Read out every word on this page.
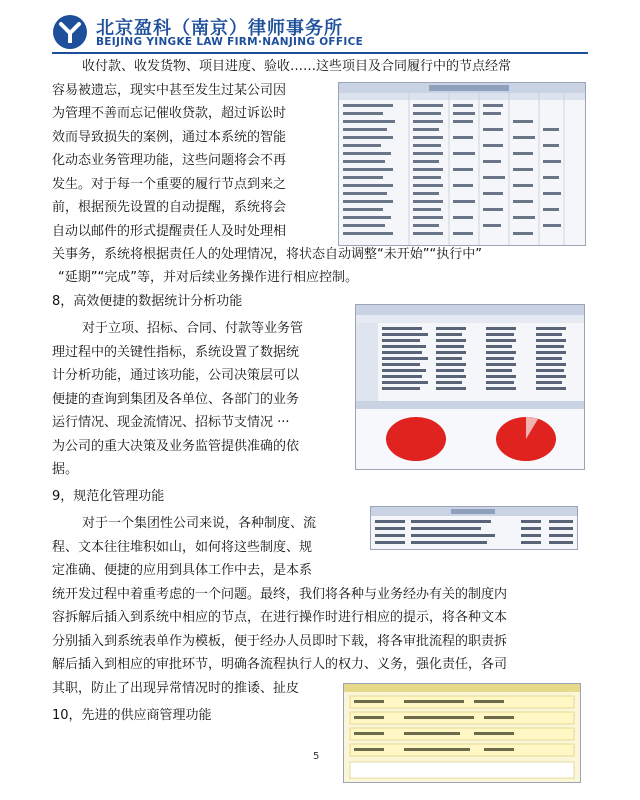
北京盈科（南京）律师事务所
BEIJING YINGKE LAW FIRM·NANJING OFFICE
收付款、收发货物、项目进度、验收……这些项目及合同履行中的节点经常
容易被遗忘，现实中甚至发生过某公司因
为管理不善而忘记催收贷款，超过诉讼时
效而导致损失的案例，通过本系统的智能
化动态业务管理功能，这些问题将会不再
发生。对于每一个重要的履行节点到来之
前，根据预先设置的自动提醒，系统将会
自动以邮件的形式提醒责任人及时处理相
关事务，系统将根据责任人的处理情况，将状态自动调整“未开始”“执行中”
“延期”“完成”等，并对后续业务操作进行相应控制。
8，高效便捷的数据统计分析功能
对于立项、招标、合同、付款等业务管
理过程中的关键性指标，系统设置了数据统
计分析功能，通过该功能，公司决策层可以
便捷的查询到集团及各单位、各部门的业务
运行情况、现金流情况、招标节支情况 ···
为公司的重大决策及业务监管提供准确的依
据。
9，规范化管理功能
对于一个集团性公司来说，各种制度、流
程、文本往往堆积如山，如何将这些制度、规
定准确、便捷的应用到具体工作中去，是本系
统开发过程中着重考虑的一个问题。最终，我们将各种与业务经办有关的制度内
容拆解后插入到系统中相应的节点，在进行操作时进行相应的提示，将各种文本
分别插入到系统表单作为模板，便于经办人员即时下载，将各审批流程的职责拆
解后插入到相应的审批环节，明确各流程执行人的权力、义务，强化责任，各司
其职，防止了出现异常情况时的推诿、扯皮
10，先进的供应商管理功能
5
